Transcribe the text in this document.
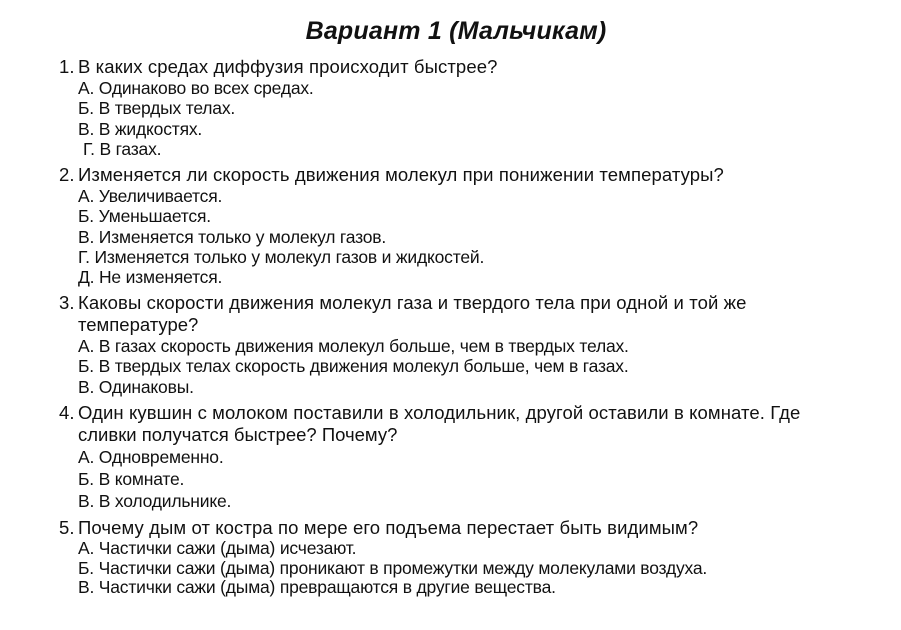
Вариант 1 (Мальчикам)
1. В каких средах диффузия происходит быстрее?
А. Одинаково во всех средах.
Б. В твердых телах.
В. В жидкостях.
Г. В газах.
2. Изменяется ли скорость движения молекул при понижении температуры?
А. Увеличивается.
Б. Уменьшается.
В. Изменяется только у молекул газов.
Г. Изменяется только у молекул газов и жидкостей.
Д. Не изменяется.
3. Каковы скорости движения молекул газа и твердого тела при одной и той же
температуре?
А. В газах скорость движения молекул больше, чем в твердых телах.
Б. В твердых телах скорость движения молекул больше, чем в газах.
В. Одинаковы.
4. Один кувшин с молоком поставили в холодильник, другой оставили в комнате. Где
сливки получатся быстрее? Почему?
А. Одновременно.
Б. В комнате.
В. В холодильнике.
5. Почему дым от костра по мере его подъема перестает быть видимым?
А. Частички сажи (дыма) исчезают.
Б. Частички сажи (дыма) проникают в промежутки между молекулами воздуха.
В. Частички сажи (дыма) превращаются в другие вещества.
